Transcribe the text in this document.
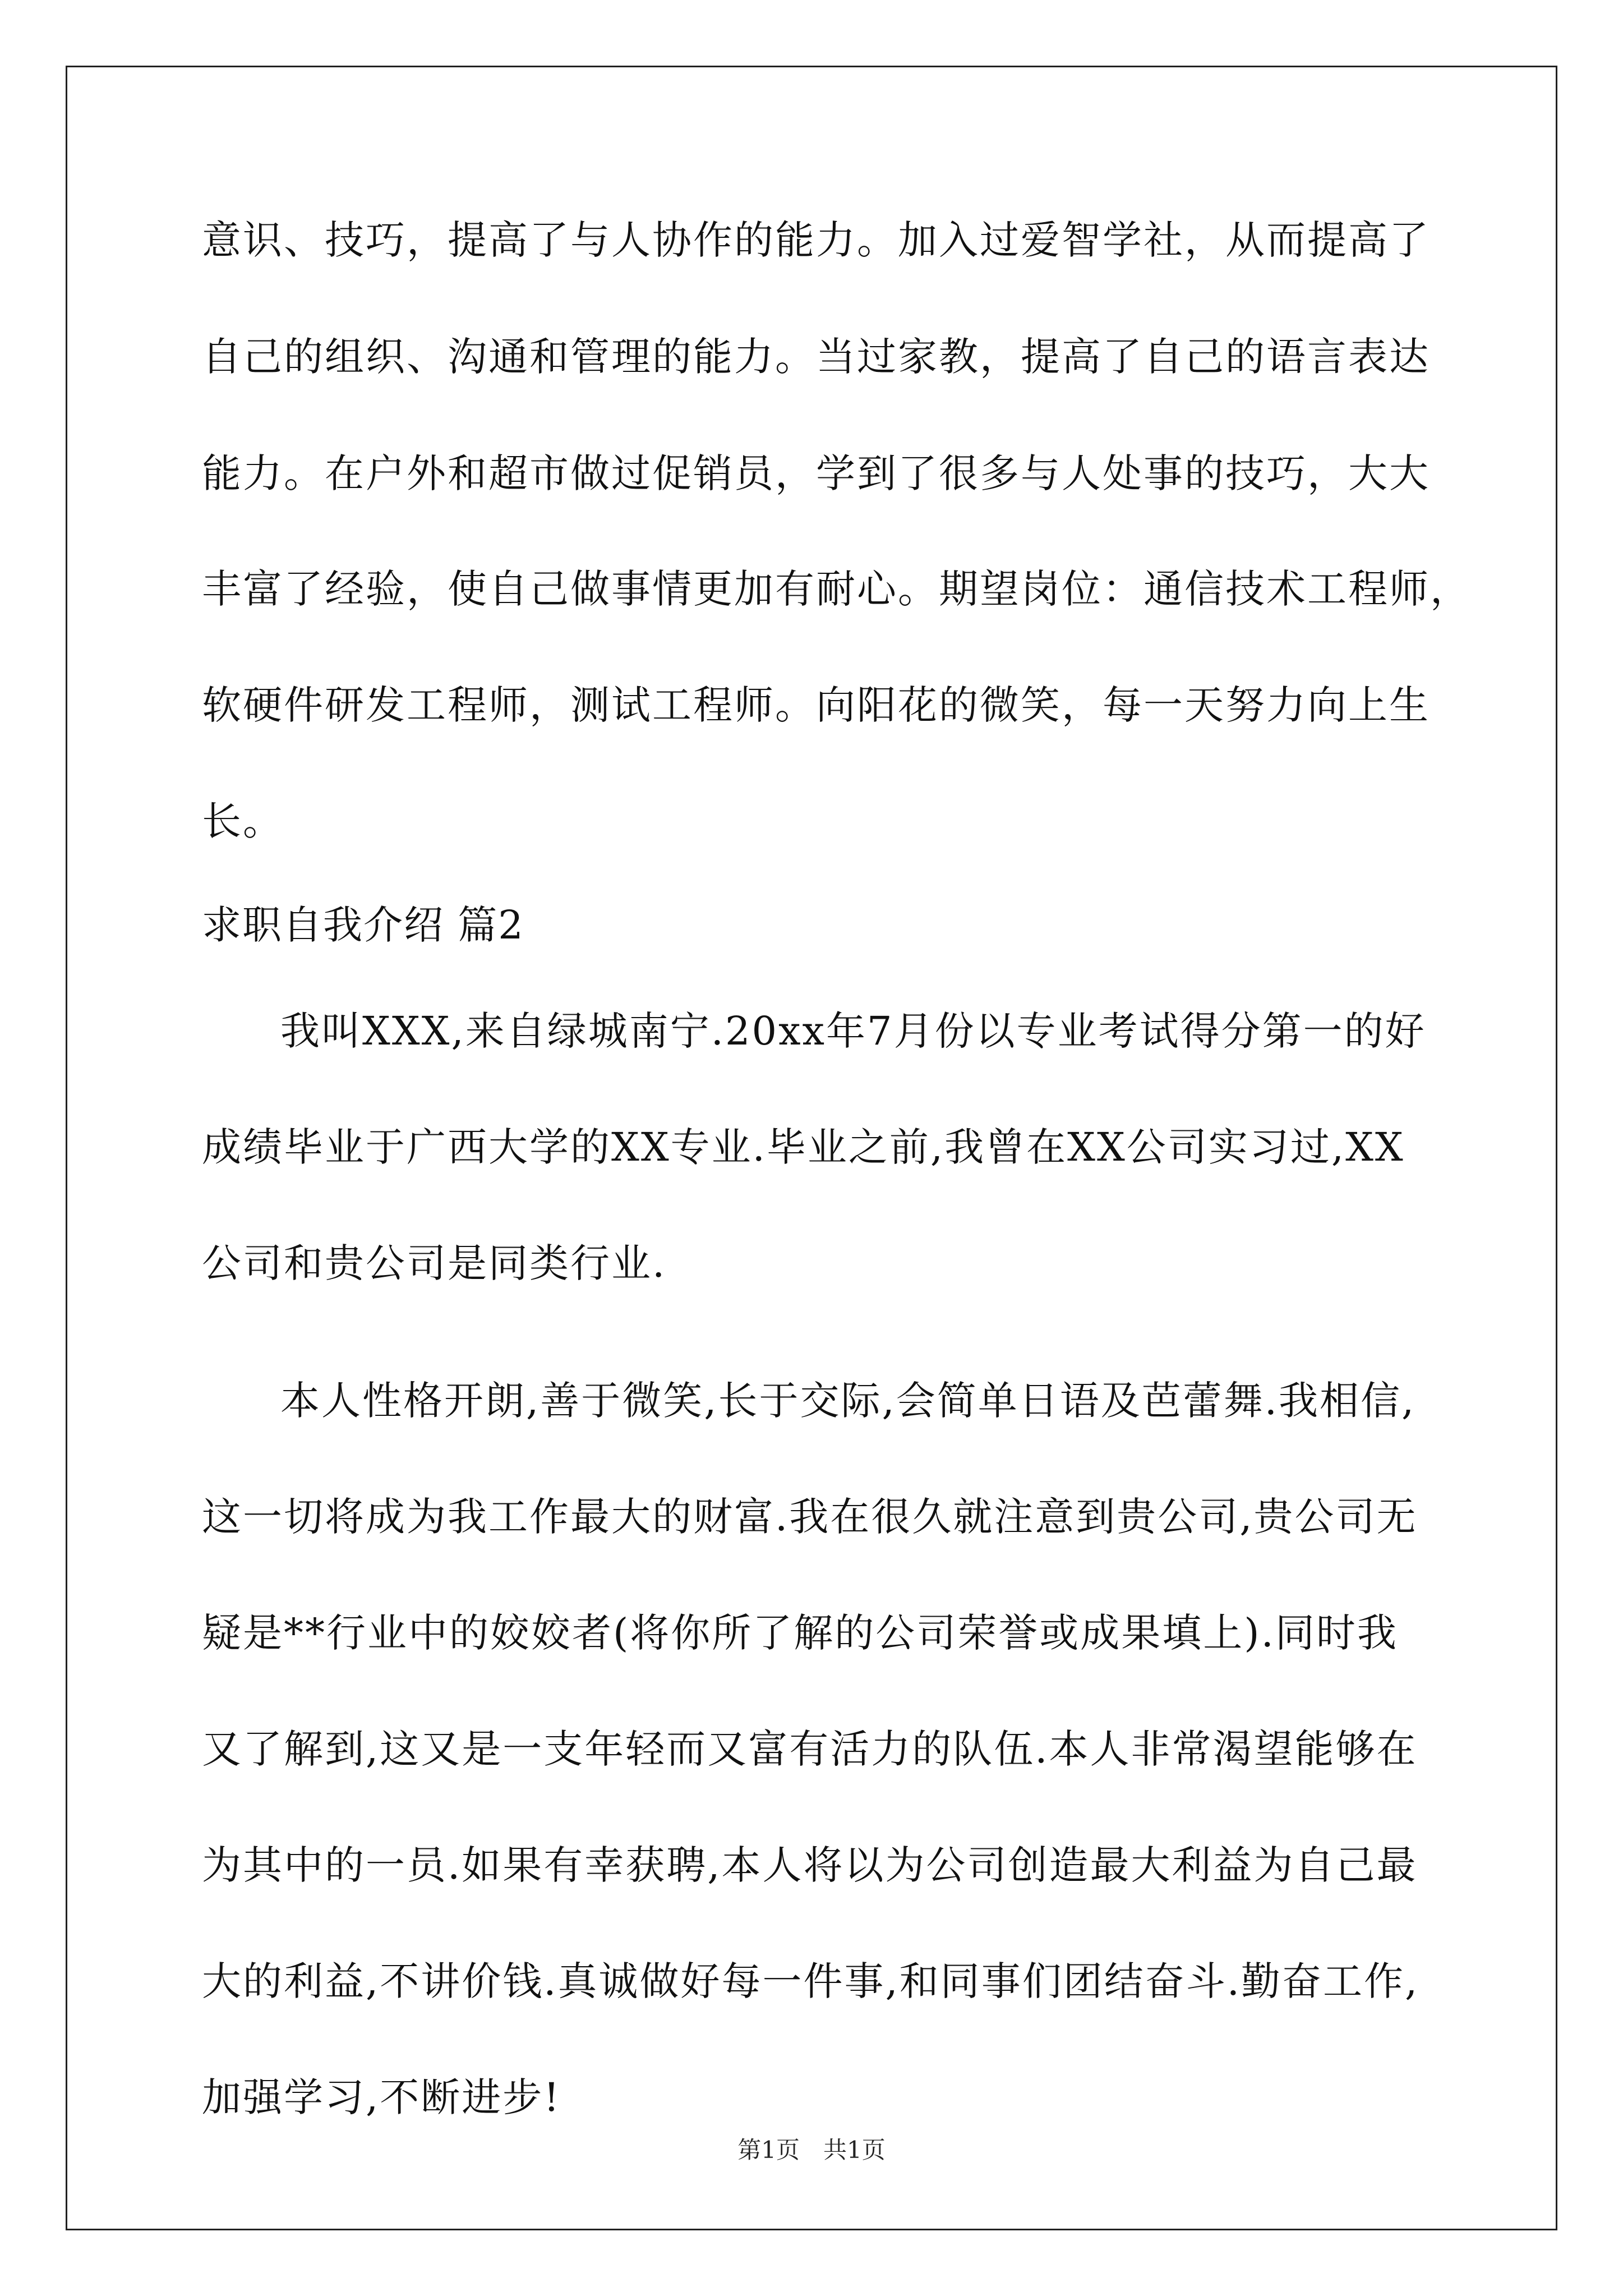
意识、技巧，提高了与人协作的能力。加入过爱智学社，从而提高了
自己的组织、沟通和管理的能力。当过家教，提高了自己的语言表达
能力。在户外和超市做过促销员，学到了很多与人处事的技巧，大大
丰富了经验，使自己做事情更加有耐心。期望岗位：通信技术工程师，
软硬件研发工程师，测试工程师。向阳花的微笑，每一天努力向上生
长。
求职自我介绍 篇2
我叫XXX,来自绿城南宁.20xx年7月份以专业考试得分第一的好
成绩毕业于广西大学的XX专业.毕业之前,我曾在XX公司实习过,XX
公司和贵公司是同类行业.
本人性格开朗,善于微笑,长于交际,会简单日语及芭蕾舞.我相信,
这一切将成为我工作最大的财富.我在很久就注意到贵公司,贵公司无
疑是**行业中的姣姣者(将你所了解的公司荣誉或成果填上).同时我
又了解到,这又是一支年轻而又富有活力的队伍.本人非常渴望能够在
为其中的一员.如果有幸获聘,本人将以为公司创造最大利益为自己最
大的利益,不讲价钱.真诚做好每一件事,和同事们团结奋斗.勤奋工作,
加强学习,不断进步!
第1页　共1页
